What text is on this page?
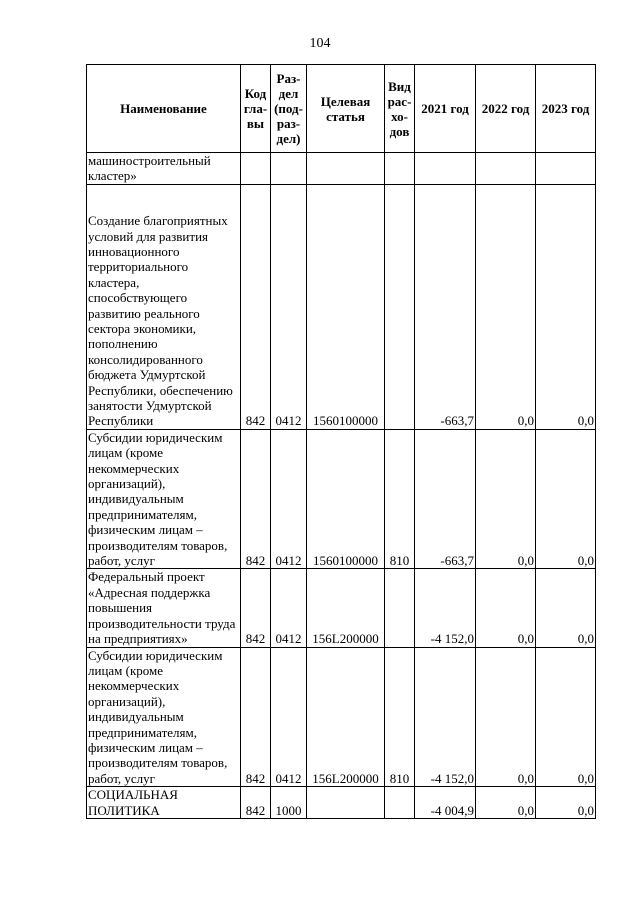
104
Наименование	Код гла-вы	Раз-дел (под-раз-дел)	Целевая статья	Вид рас-хо-дов	2021 год	2022 год	2023 год
машиностроительный кластер»							
Создание благоприятных условий для развития инновационного территориального кластера, способствующего развитию реального сектора экономики, пополнению консолидированного бюджета Удмуртской Республики, обеспечению занятости Удмуртской Республики	842	0412	1560100000		-663,7	0,0	0,0
Субсидии юридическим лицам (кроме некоммерческих организаций), индивидуальным предпринимателям, физическим лицам – производителям товаров, работ, услуг	842	0412	1560100000	810	-663,7	0,0	0,0
Федеральный проект «Адресная поддержка повышения производительности труда на предприятиях»	842	0412	156L200000		-4 152,0	0,0	0,0
Субсидии юридическим лицам (кроме некоммерческих организаций), индивидуальным предпринимателям, физическим лицам – производителям товаров, работ, услуг	842	0412	156L200000	810	-4 152,0	0,0	0,0
СОЦИАЛЬНАЯ ПОЛИТИКА	842	1000			-4 004,9	0,0	0,0
